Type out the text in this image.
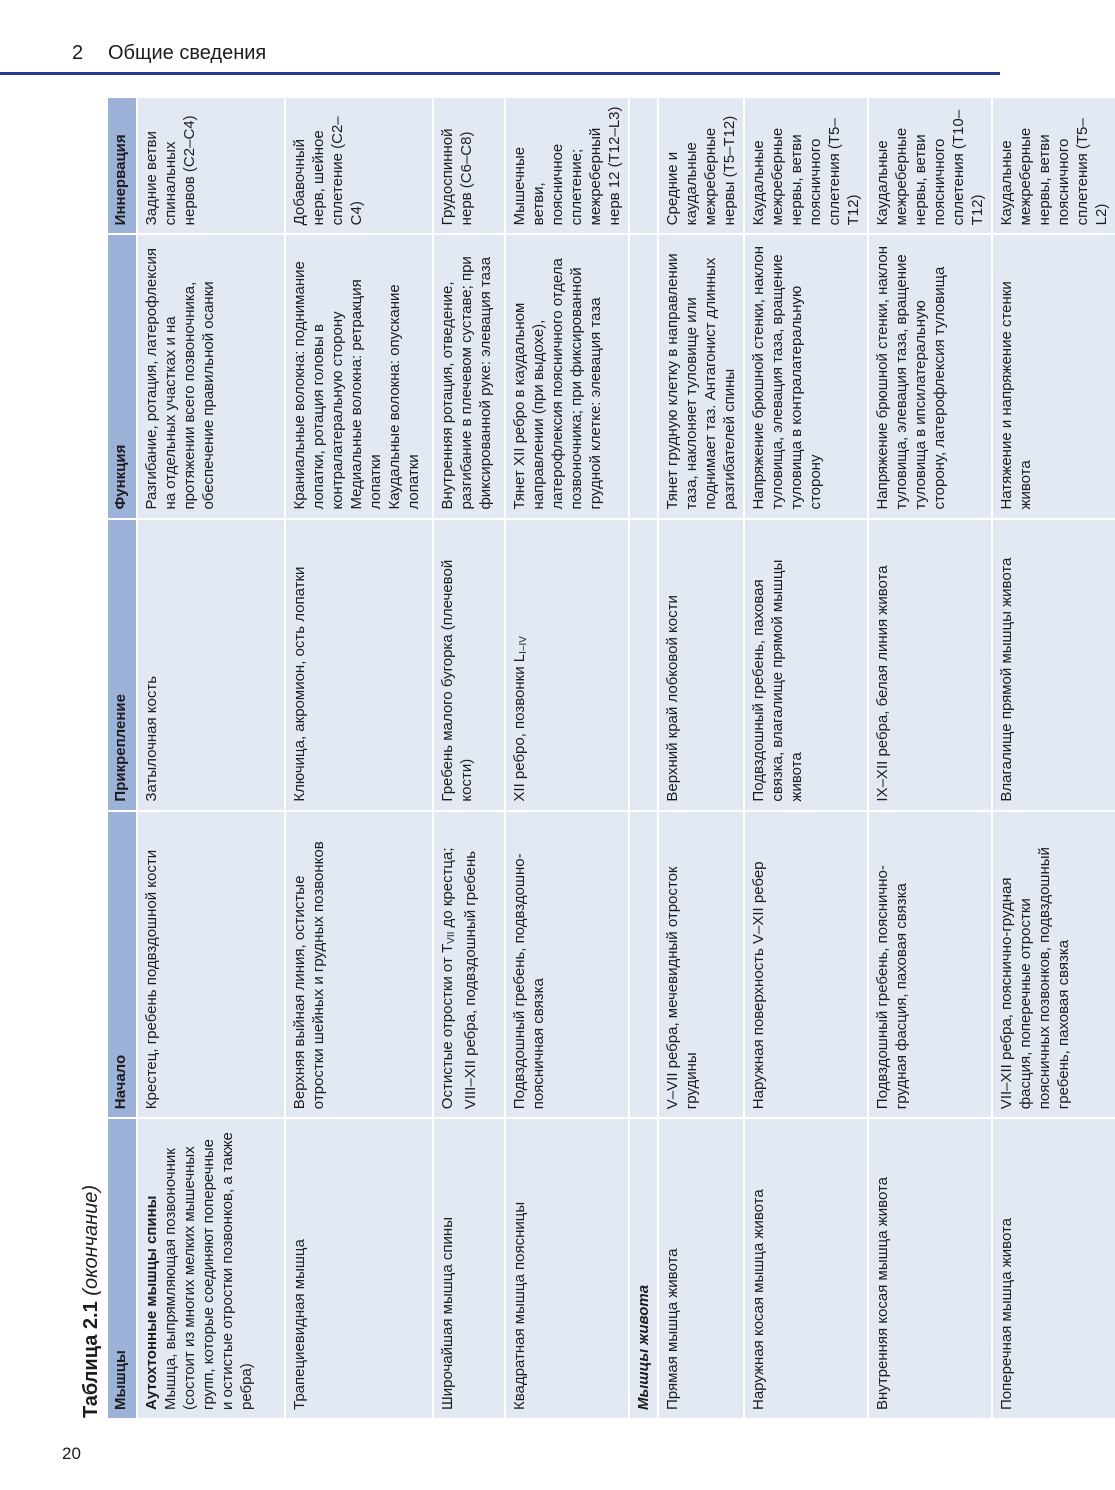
2 Общие сведения
Таблица 2.1 (окончание)
Мышцы	Начало	Прикрепление	Функция	Иннервация

Аутохтонные мышцы спины Мышца, выпрямляющая позвоночник (состоит из многих мелких мышечных групп, которые соединяют поперечные и остистые отростки позвонков, а также ребра)	Крестец, гребень подвздошной кости	Затылочная кость	Разгибание, ротация, латерофлексия на отдельных участках и на протяжении всего позвоночника, обеспечение правильной осанки	Задние ветви спинальных нервов (C2–C4)
Трапециевидная мышца	Верхняя выйная линия, остистые отростки шейных и грудных позвонков	Ключица, акромион, ость лопатки	Краниальные волокна: поднимание лопатки, ротация головы в контралатеральную сторону Медиальные волокна: ретракция лопатки Каудальные волокна: опускание лопатки	Добавочный нерв, шейное сплетение (C2–C4)
Широчайшая мышца спины	Остистые отростки от $T_{VII}$ до крестца; VIII–XII ребра, подвздошный гребень	Гребень малого бугорка (плечевой кости)	Внутренняя ротация, отведение, разгибание в плечевом суставе; при фиксированной руке: элевация таза	Грудоспинной нерв (C6–C8)
Квадратная мышца поясницы	Подвздошный гребень, подвздошно-поясничная связка	XII ребро, позвонки $L_{I-IV}$	Тянет XII ребро в каудальном направлении (при выдохе), латерофлексия поясничного отдела позвоночника; при фиксированной грудной клетке: элевация таза	Мышечные ветви, поясничное сплетение; межреберный нерв 12 (T12–L3)
Мышцы живота				
Прямая мышца живота	V–VII ребра, мечевидный отросток грудины	Верхний край лобковой кости	Тянет грудную клетку в направлении таза, наклоняет туловище или поднимает таз. Антагонист длинных разгибателей спины	Средние и каудальные межреберные нервы (T5–T12)
Наружная косая мышца живота	Наружная поверхность V–XII ребер	Подвздошный гребень, паховая связка, влагалище прямой мышцы живота	Напряжение брюшной стенки, наклон туловища, элевация таза, вращение туловища в контралатеральную сторону	Каудальные межреберные нервы, ветви поясничного сплетения (T5–T12)
Внутренняя косая мышца живота	Подвздошный гребень, пояснично-грудная фасция, паховая связка	IX–XII ребра, белая линия живота	Напряжение брюшной стенки, наклон туловища, элевация таза, вращение туловища в ипсилатеральную сторону, латерофлексия туловища	Каудальные межреберные нервы, ветви поясничного сплетения (T10–T12)
Поперечная мышца живота	VII–XII ребра, пояснично-грудная фасция, поперечные отростки поясничных позвонков, подвздошный гребень, паховая связка	Влагалище прямой мышцы живота	Натяжение и напряжение стенки живота	Каудальные межреберные нервы, ветви поясничного сплетения (T5–L2)
20
